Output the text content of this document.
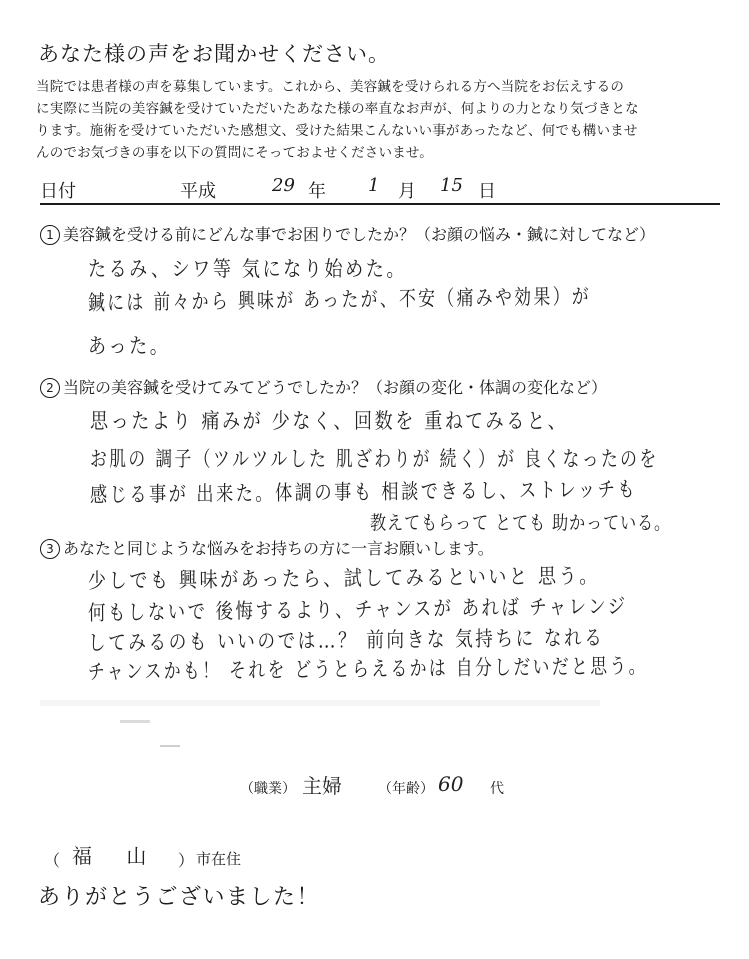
あなた様の声をお聞かせください。

当院では患者様の声を募集しています。これから、美容鍼を受けられる方へ当院をお伝えするの

に実際に当院の美容鍼を受けていただいたあなた様の率直なお声が、何よりの力となり気づきとな

ります。施術を受けていただいた感想文、受けた結果こんないい事があったなど、何でも構いませ

んのでお気づきの事を以下の質問にそっておよせくださいませ。

日付	平成	29 年 1 月 15 日
1 美容鍼を受ける前にどんな事でお困りでしたか？（お顔の悩み・鍼に対してなど）
たるみ、シワ等 気になり始めた。
鍼には 前々から 興味が あったが、不安（痛みや効果）が
あった。
2 当院の美容鍼を受けてみてどうでしたか？（お顔の変化・体調の変化など）
思ったより 痛みが 少なく、回数を 重ねてみると、
お肌の 調子（ツルツルした 肌ざわりが 続く）が 良くなったのを
感じる事が 出来た。体調の事も 相談できるし、ストレッチも
教えてもらって とても 助かっている。
3 あなたと同じような悩みをお持ちの方に一言お願いします。
少しでも 興味があったら、試してみるといいと 思う。
何もしないで 後悔するより、チャンスが あれば チャレンジ
してみるのも いいのでは…？ 前向きな 気持ちに なれる
チャンスかも！ それを どうとらえるかは 自分しだいだと思う。
（職業） 主婦	（年齢） 60 代
（ 福 山 ） 市在住
ありがとうございました！
